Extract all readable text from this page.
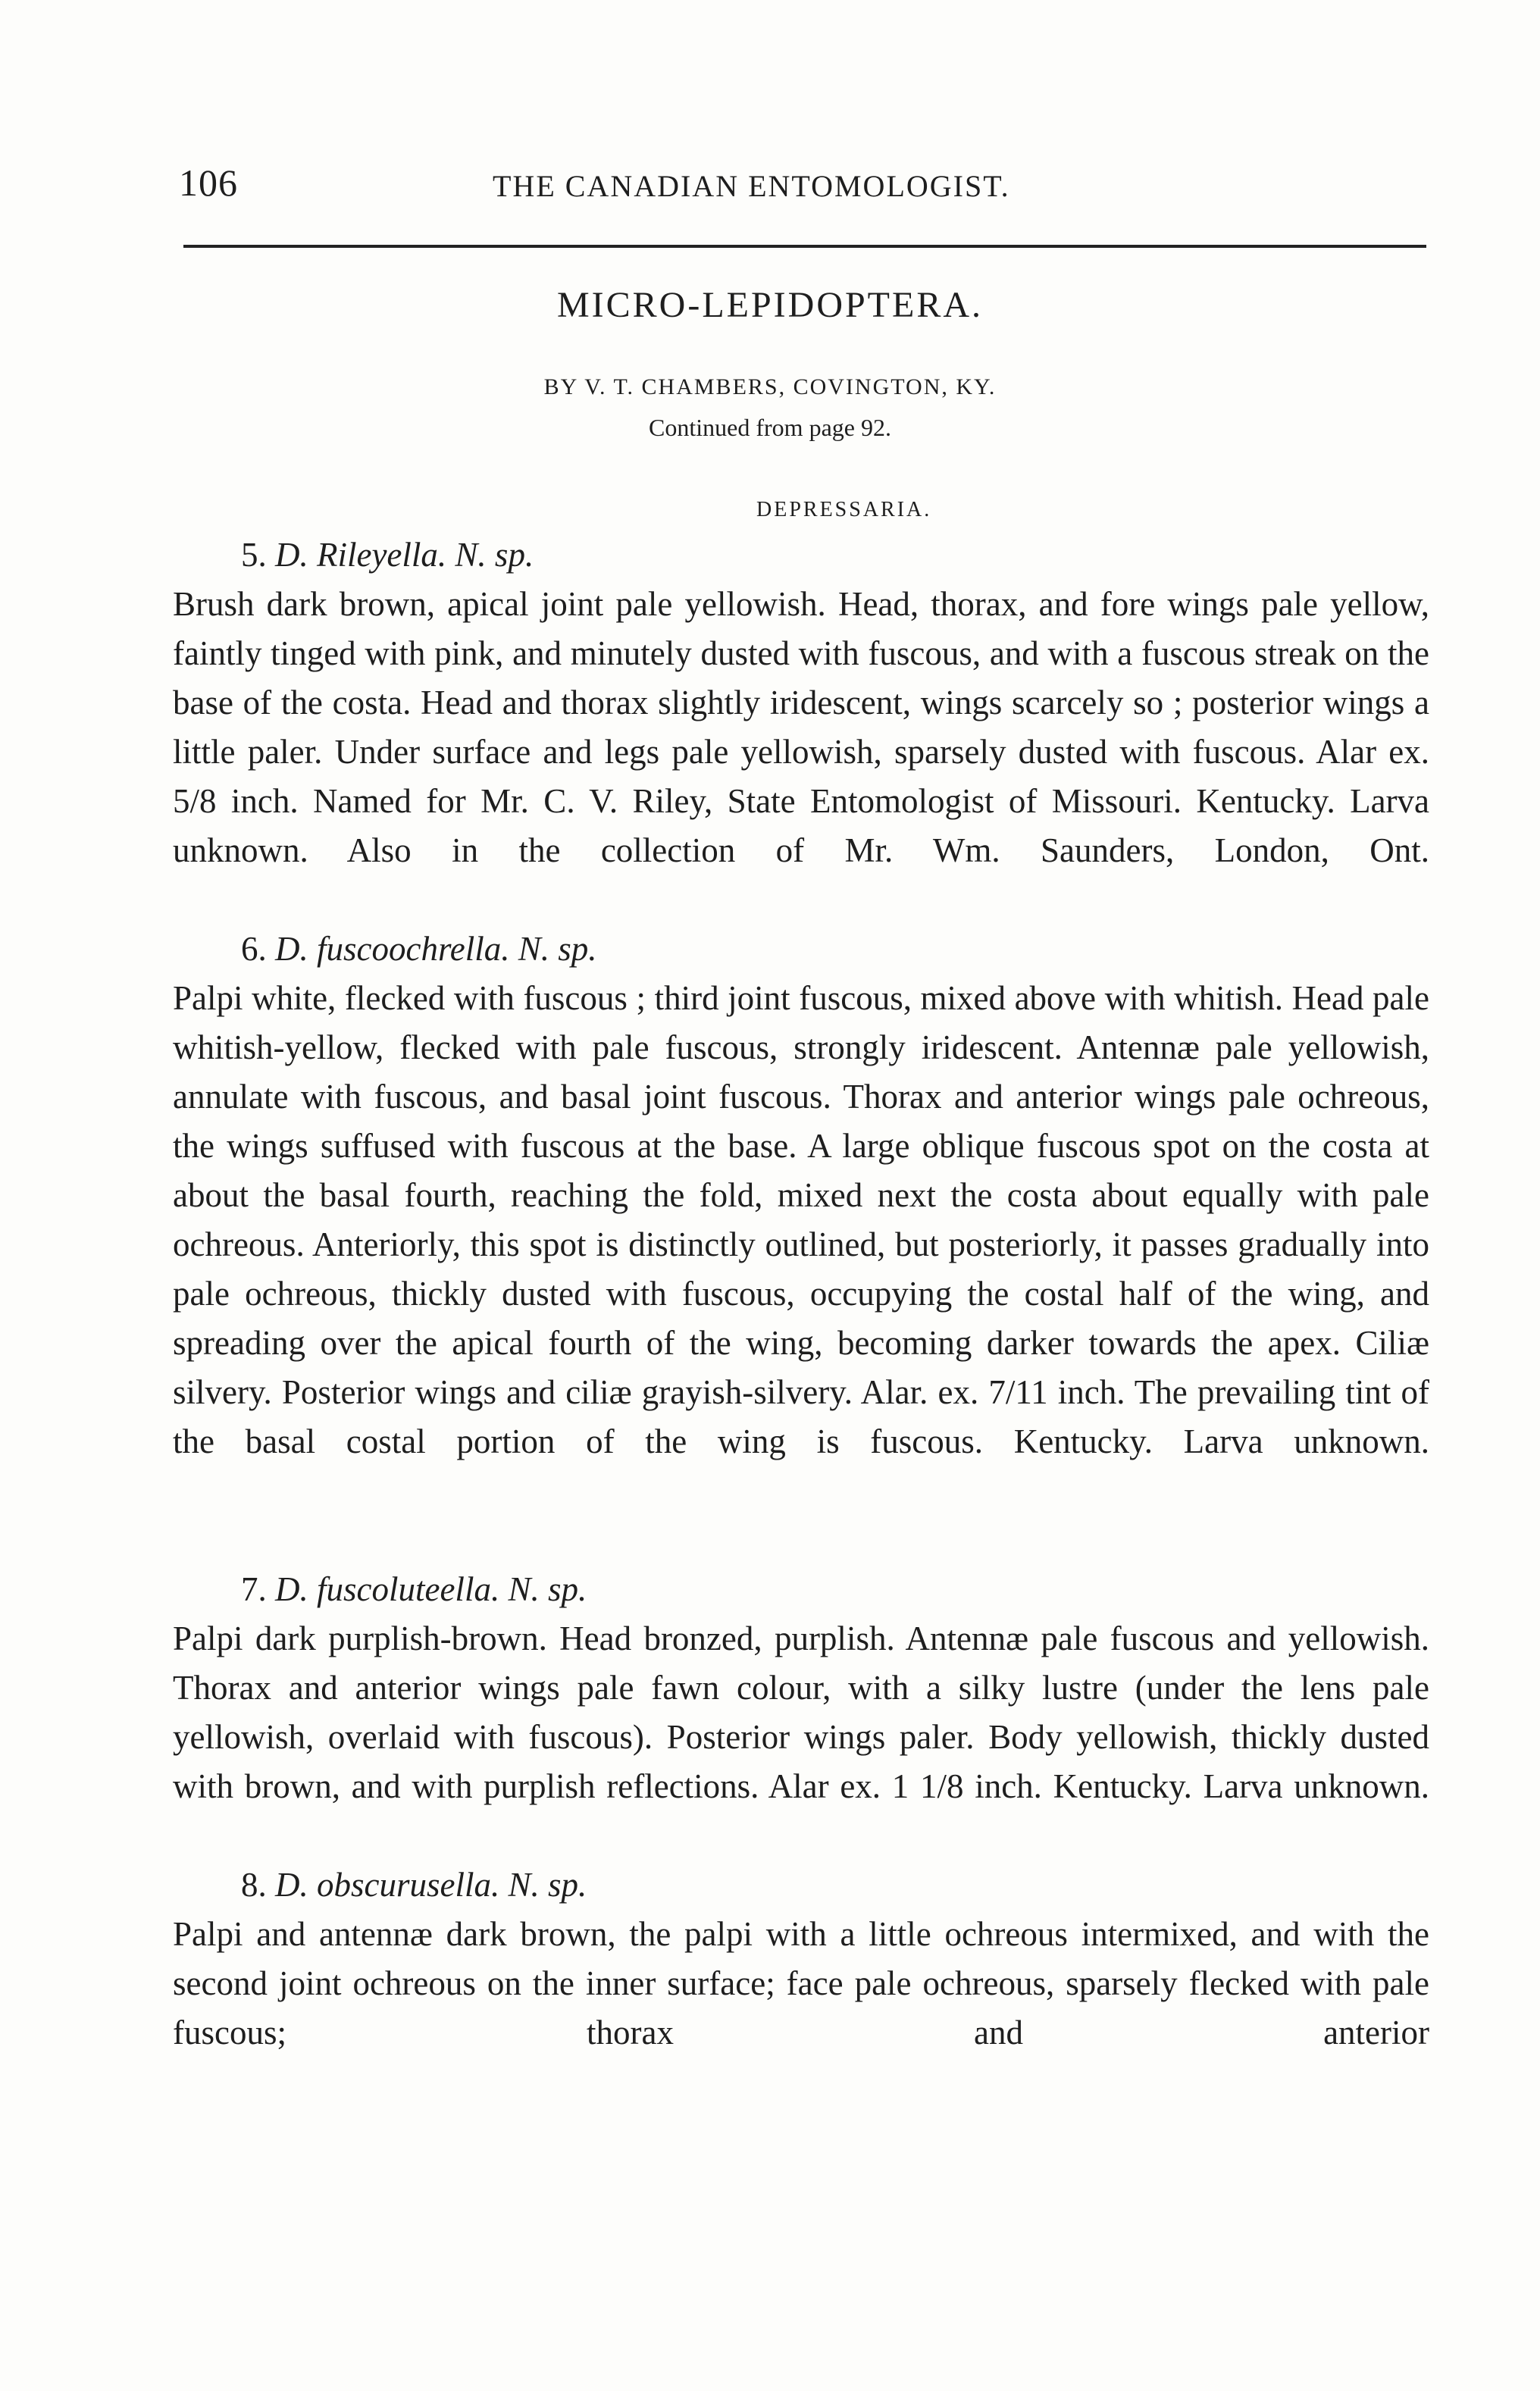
106	THE CANADIAN ENTOMOLOGIST.
MICRO-LEPIDOPTERA.
BY V. T. CHAMBERS, COVINGTON, KY.
Continued from page 92.
DEPRESSARIA.
5. D. Rileyella. N. sp.
Brush dark brown, apical joint pale yellowish. Head, thorax, and fore wings pale yellow, faintly tinged with pink, and minutely dusted with fuscous, and with a fuscous streak on the base of the costa. Head and thorax slightly iridescent, wings scarcely so ; posterior wings a little paler. Under surface and legs pale yellowish, sparsely dusted with fuscous. Alar ex. 5/8 inch. Named for Mr. C. V. Riley, State Entomologist of Missouri. Kentucky. Larva unknown. Also in the collection of Mr. Wm. Saunders, London, Ont.
6. D. fuscoochrella. N. sp.
Palpi white, flecked with fuscous ; third joint fuscous, mixed above with whitish. Head pale whitish-yellow, flecked with pale fuscous, strongly iridescent. Antennæ pale yellowish, annulate with fuscous, and basal joint fuscous. Thorax and anterior wings pale ochreous, the wings suffused with fuscous at the base. A large oblique fuscous spot on the costa at about the basal fourth, reaching the fold, mixed next the costa about equally with pale ochreous. Anteriorly, this spot is distinctly outlined, but posteriorly, it passes gradually into pale ochreous, thickly dusted with fuscous, occupying the costal half of the wing, and spreading over the apical fourth of the wing, becoming darker towards the apex. Ciliæ silvery. Posterior wings and ciliæ grayish-silvery. Alar. ex. 7/11 inch. The prevailing tint of the basal costal portion of the wing is fuscous. Kentucky. Larva unknown.
7. D. fuscoluteella. N. sp.
Palpi dark purplish-brown. Head bronzed, purplish. Antennæ pale fuscous and yellowish. Thorax and anterior wings pale fawn colour, with a silky lustre (under the lens pale yellowish, overlaid with fuscous). Posterior wings paler. Body yellowish, thickly dusted with brown, and with purplish reflections. Alar ex. 1 1/8 inch. Kentucky. Larva unknown.
8. D. obscurusella. N. sp.
Palpi and antennæ dark brown, the palpi with a little ochreous intermixed, and with the second joint ochreous on the inner surface; face pale ochreous, sparsely flecked with pale fuscous; thorax and anterior
